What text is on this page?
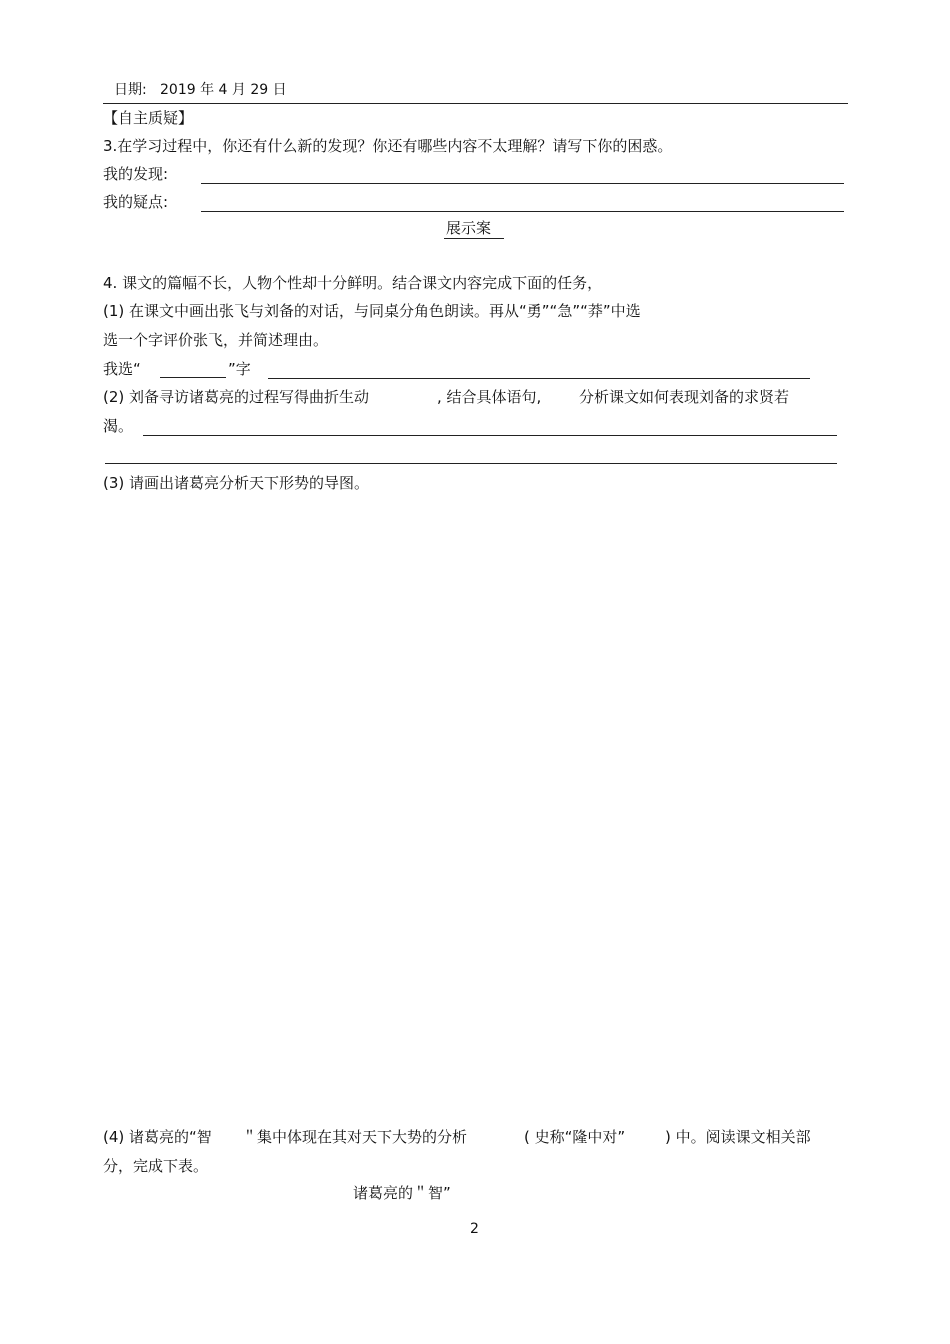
日期: 2019 年 4 月 29 日
【自主质疑】
3.在学习过程中，你还有什么新的发现？你还有哪些内容不太理解？请写下你的困惑。
我的发现:
我的疑点:
展示案
4. 课文的篇幅不长，人物个性却十分鲜明。结合课文内容完成下面的任务，
(1) 在课文中画出张飞与刘备的对话，与同桌分角色朗读。再从“勇”“急”“莽”中选
选一个字评价张飞，并简述理由。
我选“	”字
(2) 刘备寻访诸葛亮的过程写得曲折生动	, 结合具体语句,	分析课文如何表现刘备的求贤若
渴。
(3) 请画出诸葛亮分析天下形势的导图。
(4) 诸葛亮的“智 ＂集中体现在其对天下大势的分析	( 史称“隆中对”	) 中。阅读课文相关部
分，完成下表。
诸葛亮的＂智”
2
